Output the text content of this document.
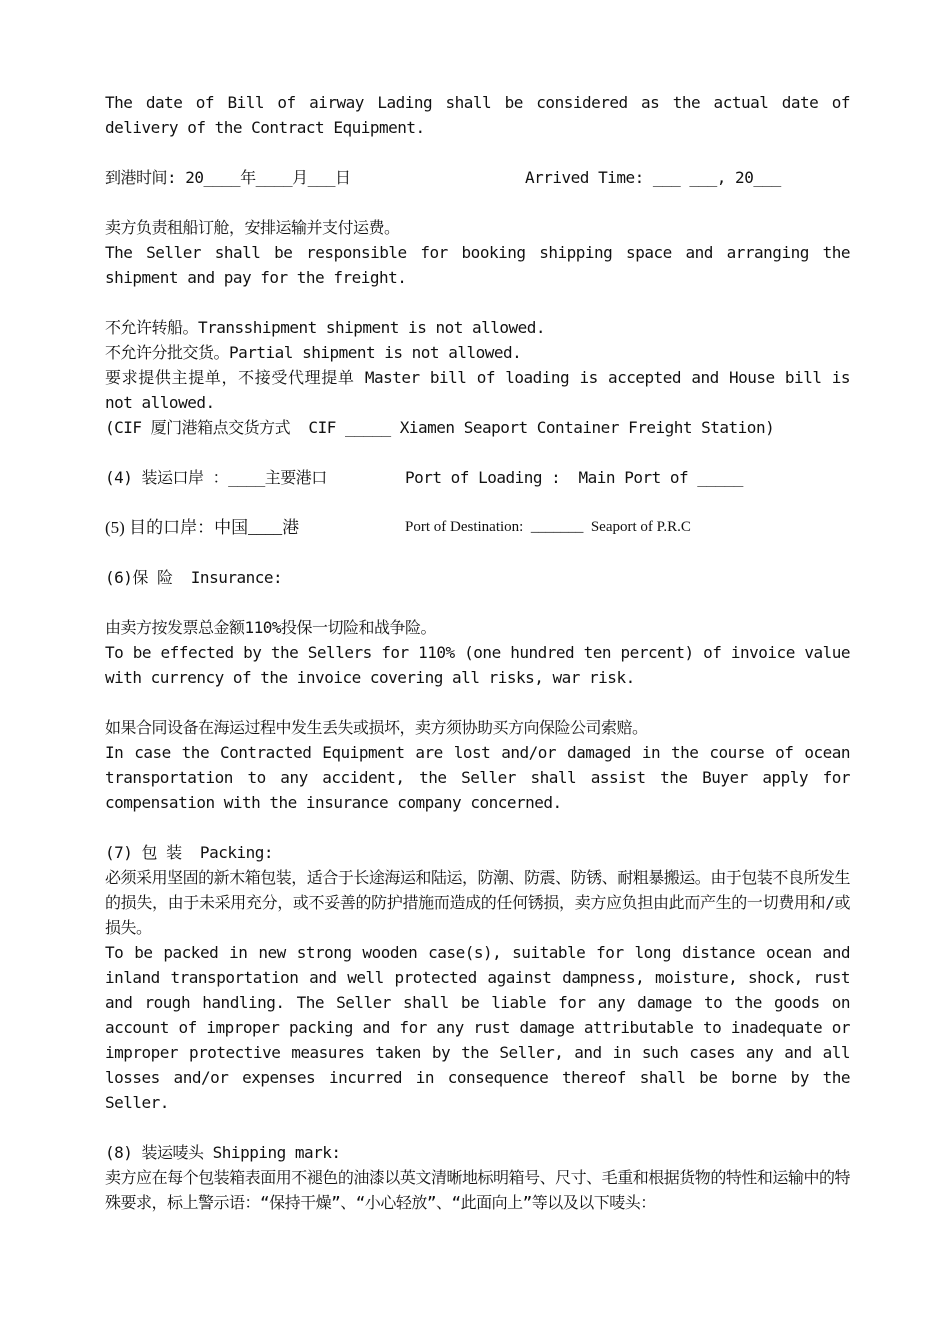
The date of Bill of airway Lading shall be considered as the actual date of delivery of the Contract Equipment.

到港时间: 20____年____月___日	Arrived Time: ___ ___, 20___

卖方负责租船订舱，安排运输并支付运费。

The Seller shall be responsible for booking shipping space and arranging the shipment and pay for the freight.

不允许转船。Transshipment shipment is not allowed.

不允许分批交货。Partial shipment is not allowed.

要求提供主提单，不接受代理提单 Master bill of loading is accepted and House bill is not allowed.

(CIF 厦门港箱点交货方式  CIF _____ Xiamen Seaport Container Freight Station)

(4) 装运口岸 ：____主要港口	Port of Loading :  Main Port of _____
(5) 目的口岸：中国____港	Port of Destination:  _______  Seaport of P.R.C

(6)保 险  Insurance:

由卖方按发票总金额110%投保一切险和战争险。

To be effected by the Sellers for 110% (one hundred ten percent) of invoice value with currency of the invoice covering all risks, war risk.

如果合同设备在海运过程中发生丢失或损坏，卖方须协助买方向保险公司索赔。

In case the Contracted Equipment are lost and/or damaged in the course of ocean transportation to any accident, the Seller shall assist the Buyer apply for compensation with the insurance company concerned.

(7) 包 装  Packing:

必须采用坚固的新木箱包装，适合于长途海运和陆运，防潮、防震、防锈、耐粗暴搬运。由于包装不良所发生的损失，由于未采用充分，或不妥善的防护措施而造成的任何锈损，卖方应负担由此而产生的一切费用和/或损失。

To be packed in new strong wooden case(s), suitable for long distance ocean and inland transportation and well protected against dampness, moisture, shock, rust and rough handling. The Seller shall be liable for any damage to the goods on account of improper packing and for any rust damage attributable to inadequate or improper protective measures taken by the Seller, and in such cases any and all losses and/or expenses incurred in consequence thereof shall be borne by the Seller.

(8) 装运唛头 Shipping mark:

卖方应在每个包装箱表面用不褪色的油漆以英文清晰地标明箱号、尺寸、毛重和根据货物的特性和运输中的特殊要求，标上警示语：“保持干燥”、“小心轻放”、“此面向上”等以及以下唛头：
